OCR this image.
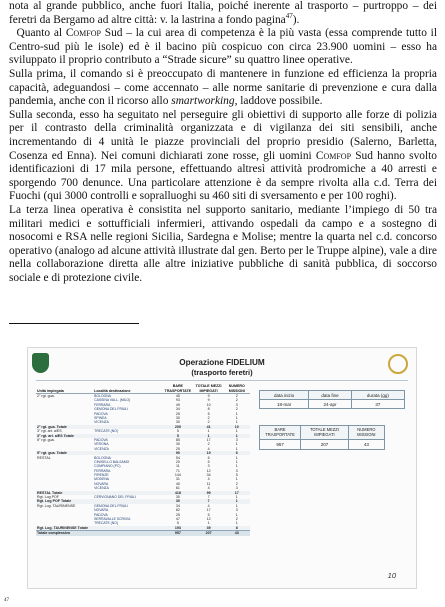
nota al grande pubblico, anche fuori Italia, poiché inerente al trasporto – purtroppo – dei feretri da Bergamo ad altre città: v. la lastrina a fondo pagina$^{47}$).

Quanto al Comfop Sud – la cui area di competenza è la più vasta (essa comprende tutto il Centro-sud più le isole) ed è il bacino più cospicuo con circa 23.900 uomini – esso ha sviluppato il proprio contributo a “Strade sicure” su quattro linee operative.

Sulla prima, il comando si è preoccupato di mantenere in funzione ed efficienza la propria capacità, adeguandosi – come accennato – alle norme sanitarie di prevenzione e cura dalla pandemia, anche con il ricorso allo smartworking, laddove possibile.

Sulla seconda, esso ha seguitato nel perseguire gli obiettivi di supporto alle forze di polizia per il contrasto della criminalità organizzata e di vigilanza dei siti sensibili, anche incrementando di 4 unità le piazze provinciali del proprio presidio (Salerno, Barletta, Cosenza ed Enna). Nei comuni dichiarati zone rosse, gli uomini Comfop Sud hanno svolto identificazioni di 17 mila persone, effettuando altresì attività prodromiche a 40 arresti e sporgendo 700 denunce. Una particolare attenzione è da sempre rivolta alla c.d. Terra dei Fuochi (qui 3000 controlli e sopralluoghi su 460 siti di sversamento e per 100 roghi).

La terza linea operativa è consistita nel supporto sanitario, mediante l’impiego di 50 tra militari medici e sottufficiali infermieri, attivando ospedali da campo e a sostegno di nosocomi e RSA nelle regioni Sicilia, Sardegna e Molise; mentre la quarta nel c.d. concorso operativo (analogo ad alcune attività illustrate dal gen. Berto per le Truppe alpine), vale a dire nella collaborazione diretta alle altre iniziative pubbliche di sanità pubblica, di soccorso sociale e di protezione civile.

Operazione FIDELIUM
(trasporto feretri)
Unità impiegata	Località destinazione	BARE TRASPORTATE	TOTALE MEZZI IMPIEGATI	NUMERO MISSIONI
2° rgt. gua.	BOLOGNA	45	9	2
	CASSINA VALL. (MILO)	93	9	2
	FERRARA	49	10	3
	GEMONA DEL FRIULI	34	8	2
	PADOVA	25	5	1
	SPINEA	30	2	1
	VICENZA	30	2	1
2° rgt. gua. Totale		205	41	10
3° rgt. art. a/ES	TRECATE (NO)	5	1	1
3° rgt. art. a/ES Totale		5	1	1
5° rgt. gua.	PADOVA	85	17	3
	VERONA	30	2	1
	VICENZA	25	4	1
5° rgt. gua. Totale		90	19	6
RESTAL	BOLOGNA	54	6	1
	CINISELLO BALSAMO	20	5	1
	COMPIANO (PC)	11	3	1
	FERRARA	71	12	3
	FIRENZE	144	34	5
	MODENA	31	4	1
	NOVARA	40	11	2
	VICENZA	61	4	3
RESTAL Totale		418	99	17
Rgt. Log POF	CERVIGNANO DEL FRIULI	30	7	1
Rgt. Log POF Totale		30	7	1
Rgt. Log. TAURINENSE	GEMONA DEL FRIULI	34	4	1
	NOVARA	82	17	3
	PADOVA	25	5	1
	SERRAVALLE SCRIVIA	47	12	2
	TRECATE (NO)	5	1	1
Rgt. Log. TAURINENSE Totale		193	39	8
Totale complessivo		957	207	43
data inizio	data fine	durata (gg)
18-mar	24-apr	37
BARE TRASPORTATE	TOTALE MEZZI IMPIEGATI	NUMERO MISSIONI
957	207	43
10
47
